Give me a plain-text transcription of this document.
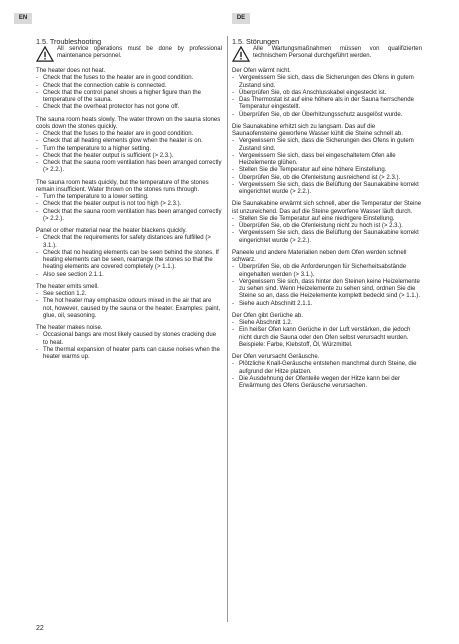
EN	DE
1.5. Troubleshooting
All service operations must be done by professional maintenance personnel.

The heater does not heat.

- Check that the fuses to the heater are in good condition.
- Check that the connection cable is connected.
- Check that the control panel shows a higher figure than the temperature of the sauna.
- Check that the overheat protector has not gone off.

The sauna room heats slowly. The water thrown on the sauna stones cools down the stones quickly.

- Check that the fuses to the heater are in good condition.
- Check that all heating elements glow when the heater is on.
- Turn the temperature to a higher setting.
- Check that the heater output is sufficient (> 2.3.).
- Check that the sauna room ventilation has been arranged correctly (> 2.2.).

The sauna room heats quickly, but the temperature of the stones remain insufficient. Water thrown on the stones runs through.

- Turn the temperature to a lower setting.
- Check that the heater output is not too high (> 2.3.).
- Check that the sauna room ventilation has been arranged correctly (> 2.2.).

Panel or other material near the heater blackens quickly.

- Check that the requirements for safety distances are fulfilled (> 3.1.).
- Check that no heating elements can be seen behind the stones. If heating elements can be seen, rearrange the stones so that the heating elements are covered completely (> 1.1.).
- Also see section 2.1.1.

The heater emits smell.

- See section 1.2.
- The hot heater may emphasize odours mixed in the air that are not, however, caused by the sauna or the heater. Examples: paint, glue, oil, seasoning.

The heater makes noise.

- Occasional bangs are most likely caused by stones cracking due to heat.
- The thermal expansion of heater parts can cause noises when the heater warms up.
1.5. Störungen
Alle Wartungsmaßnahmen müssen von qualifizierten technischem Personal durchgeführt werden.

Der Ofen wärmt nicht.

- Vergewissern Sie sich, dass die Sicherungen des Ofens in gutem Zustand sind.
- Überprüfen Sie, ob das Anschlusskabel eingesteckt ist.
- Das Thermostat ist auf eine höhere als in der Sauna herrschende Temperatur eingestellt.
- Überprüfen Sie, ob der Überhitzungsschutz ausgelöst wurde.

Die Saunakabine erhitzt sich zu langsam. Das auf die Saunaofensteine geworfene Wasser kühlt die Steine schnell ab.

- Vergewissern Sie sich, dass die Sicherungen des Ofens in gutem Zustand sind.
- Vergewissern Sie sich, dass bei eingeschaltetem Ofen alle Heizelemente glühen.
- Stellen Sie die Temperatur auf eine höhere Einstellung.
- Überprüfen Sie, ob die Ofenleistung ausreichend ist (> 2.3.).
- Vergewissern Sie sich, dass die Belüftung der Saunakabine korrekt eingerichtet wurde (> 2.2.).

Die Saunakabine erwärmt sich schnell, aber die Temperatur der Steine ist unzureichend. Das auf die Steine geworfene Wasser läuft durch.

- Stellen Sie die Temperatur auf eine niedrigere Einstellung.
- Überprüfen Sie, ob die Ofenleistung nicht zu hoch ist (> 2.3.).
- Vergewissern Sie sich, dass die Belüftung der Saunakabine korrekt eingerichtet wurde (> 2.2.).

Paneele und andere Materialien neben dem Ofen werden schnell schwarz.

- Überprüfen Sie, ob die Anforderungen für Sicherheitsabstände eingehalten werden (> 3.1.).
- Vergewissern Sie sich, dass hinter den Steinen keine Heizelemente zu sehen sind. Wenn Heizelemente zu sehen sind, ordnen Sie die Steine so an, dass die Heizelemente komplett bedeckt sind (> 1.1.).
- Siehe auch Abschnitt 2.1.1.

Der Ofen gibt Gerüche ab.

- Siehe Abschnitt 1.2.
- Ein heißer Ofen kann Gerüche in der Luft verstärken, die jedoch nicht durch die Sauna oder den Ofen selbst verursacht wurden. Beispiele: Farbe, Klebstoff, Öl, Würzmittel.

Der Ofen verursacht Geräusche.

- Plötzliche Knall-Geräusche entstehen manchmal durch Steine, die aufgrund der Hitze platzen.
- Die Ausdehnung der Ofenteile wegen der Hitze kann bei der Erwärmung des Ofens Geräusche verursachen.
22
